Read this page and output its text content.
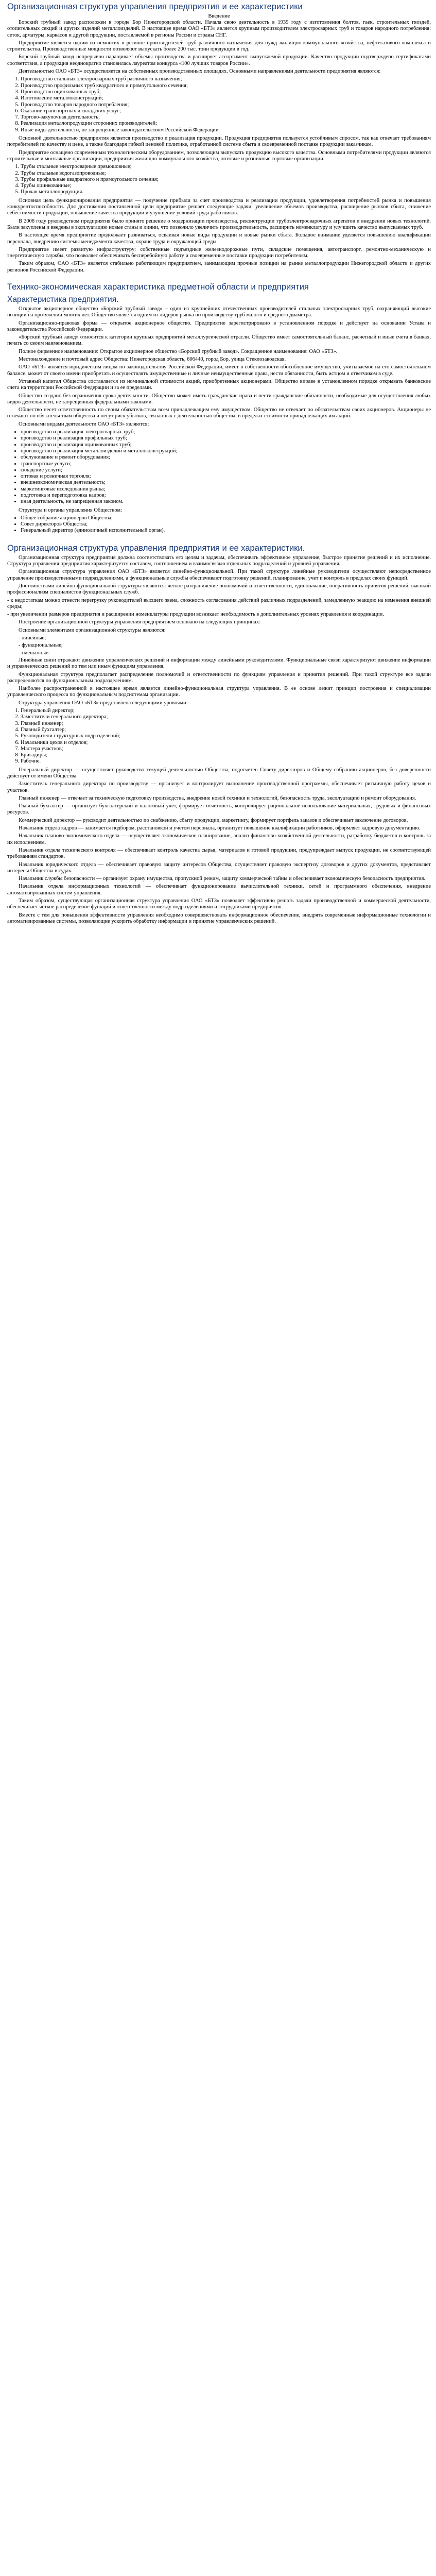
Организационная структура управления предприятия и ее характеристики
Введение

Борский трубный завод расположен в городе Бор Нижегородской области. Начала свою деятельность в 1939 году с изготовления болтов, гаек, строительных гвоздей, отопительных секций и других изделий металлоизделий. В настоящее время ОАО «БТЗ» является крупным производителем электросварных труб и товаров народного потребления: сеток, арматуры, каркасов и другой продукции, поставляемой в регионы России и страны СНГ.

Предприятие является одним из немногих в регионе производителей труб различного назначения для нужд жилищно-коммунального хозяйства, нефтегазового комплекса и строительства. Производственные мощности позволяют выпускать более 200 тыс. тонн продукции в год.

Борский трубный завод непрерывно наращивает объемы производства и расширяет ассортимент выпускаемой продукции. Качество продукции подтверждено сертификатами соответствия, а продукция неоднократно становилась лауреатом конкурса «100 лучших товаров России».

Деятельностью ОАО «БТЗ» осуществляется на собственных производственных площадях. Основными направлениями деятельности предприятия являются:

1. Производство стальных электросварных труб различного назначения;
2. Производство профильных труб квадратного и прямоугольного сечения;
3. Производство оцинкованных труб;
4. Изготовление металлоконструкций;
5. Производство товаров народного потребления;
6. Оказание транспортных и складских услуг;
7. Торгово-закупочная деятельность;
8. Реализация металлопродукции сторонних производителей;
9. Иные виды деятельности, не запрещенные законодательством Российской Федерации.

Основной деятельностью предприятия является производство и реализация продукции. Продукция предприятия пользуется устойчивым спросом, так как отвечает требованиям потребителей по качеству и цене, а также благодаря гибкой ценовой политике, отработанной системе сбыта и своевременной поставке продукции заказчикам.

Предприятие оснащено современным технологическим оборудованием, позволяющим выпускать продукцию высокого качества. Основными потребителями продукции являются строительные и монтажные организации, предприятия жилищно-коммунального хозяйства, оптовые и розничные торговые организации.

1. Трубы стальные электросварные прямошовные;
2. Трубы стальные водогазопроводные;
3. Трубы профильные квадратного и прямоугольного сечения;
4. Трубы оцинкованные;
5. Прочая металлопродукция.

Основная цель функционирования предприятия — получение прибыли за счет производства и реализации продукции, удовлетворения потребностей рынка и повышения конкурентоспособности. Для достижения поставленной цели предприятие решает следующие задачи: увеличение объемов производства, расширение рынков сбыта, снижение себестоимости продукции, повышение качества продукции и улучшение условий труда работников.

В 2008 году руководством предприятия было принято решение о модернизации производства, реконструкции трубоэлектросварочных агрегатов и внедрении новых технологий. Были закуплены и введены в эксплуатацию новые станы и линии, что позволило увеличить производительность, расширить номенклатуру и улучшить качество выпускаемых труб.

В настоящее время предприятие продолжает развиваться, осваивая новые виды продукции и новые рынки сбыта. Большое внимание уделяется повышению квалификации персонала, внедрению системы менеджмента качества, охране труда и окружающей среды.

Предприятие имеет развитую инфраструктуру: собственные подъездные железнодорожные пути, складские помещения, автотранспорт, ремонтно-механическую и энергетическую службы, что позволяет обеспечивать бесперебойную работу и своевременные поставки продукции потребителям.

Таким образом, ОАО «БТЗ» является стабильно работающим предприятием, занимающим прочные позиции на рынке металлопродукции Нижегородской области и других регионов Российской Федерации.

Технико-экономическая характеристика предметной области и предприятия
Характеристика предприятия.

Открытое акционерное общество «Борский трубный завод» – один из крупнейших отечественных производителей стальных электросварных труб, сохраняющий высокие позиции на протяжении многих лет. Общество является одним из лидеров рынка по производству труб малого и среднего диаметра.

Организационно-правовая форма — открытое акционерное общество. Предприятие зарегистрировано в установленном порядке и действует на основании Устава и законодательства Российской Федерации.

«Борский трубный завод» относится к категории крупных предприятий металлургической отрасли. Общество имеет самостоятельный баланс, расчетный и иные счета в банках, печать со своим наименованием.

Полное фирменное наименование: Открытое акционерное общество «Борский трубный завод». Сокращенное наименование: ОАО «БТЗ».

Местонахождение и почтовый адрес Общества: Нижегородская область, 606440, город Бор, улица Стеклозаводская.

ОАО «БТЗ» является юридическим лицом по законодательству Российской Федерации, имеет в собственности обособленное имущество, учитываемое на его самостоятельном балансе, может от своего имени приобретать и осуществлять имущественные и личные неимущественные права, нести обязанности, быть истцом и ответчиком в суде.

Уставный капитал Общества составляется из номинальной стоимости акций, приобретенных акционерами. Общество вправе в установленном порядке открывать банковские счета на территории Российской Федерации и за ее пределами.

Общество создано без ограничения срока деятельности. Общество может иметь гражданские права и нести гражданские обязанности, необходимые для осуществления любых видов деятельности, не запрещенных федеральными законами.

Общество несет ответственность по своим обязательствам всем принадлежащим ему имуществом. Общество не отвечает по обязательствам своих акционеров. Акционеры не отвечают по обязательствам общества и несут риск убытков, связанных с деятельностью общества, в пределах стоимости принадлежащих им акций.

Основными видами деятельности ОАО «БТЗ» являются:

• производство и реализация электросварных труб;
• производство и реализация профильных труб;
• производство и реализация оцинкованных труб;
• производство и реализация металлоизделий и металлоконструкций;
• обслуживание и ремонт оборудования;
• транспортные услуги;
• складские услуги;
• оптовая и розничная торговля;
• внешнеэкономическая деятельность;
• маркетинговые исследования рынка;
• подготовка и переподготовка кадров;
• иная деятельность, не запрещенная законом.

Структура и органы управления Обществом:

• Общее собрание акционеров Общества;
• Совет директоров Общества;
• Генеральный директор (единоличный исполнительный орган).
Организационная структура управления предприятия и ее характеристики.

Организационная структура предприятия должна соответствовать его целям и задачам, обеспечивать эффективное управление, быстрое принятие решений и их исполнение. Структура управления предприятия характеризуется составом, соотношением и взаимосвязью отдельных подразделений и уровней управления.

Организационная структура управления ОАО «БТЗ» является линейно-функциональной. При такой структуре линейные руководители осуществляют непосредственное управление производственными подразделениями, а функциональные службы обеспечивают подготовку решений, планирование, учет и контроль в пределах своих функций.

Достоинствами линейно-функциональной структуры являются: четкое разграничение полномочий и ответственности, единоначалие, оперативность принятия решений, высокий профессионализм специалистов функциональных служб.

- к недостаткам можно отнести перегрузку руководителей высшего звена, сложность согласования действий различных подразделений, замедленную реакцию на изменения внешней среды;

- при увеличении размеров предприятия и расширении номенклатуры продукции возникает необходимость в дополнительных уровнях управления и координации.

Построение организационной структуры управления предприятием основано на следующих принципах:

Основными элементами организационной структуры являются:

- линейные;
- функциональные;
- смешанные.

Линейные связи отражают движение управленческих решений и информации между линейными руководителями. Функциональные связи характеризуют движение информации и управленческих решений по тем или иным функциям управления.

Функциональная структура предполагает распределение полномочий и ответственности по функциям управления и принятия решений. При такой структуре все задачи распределяются по функциональным подразделениям.

Наиболее распространенной в настоящее время является линейно-функциональная структура управления. В ее основе лежит принцип построения и специализации управленческого процесса по функциональным подсистемам организации.

Структура управления ОАО «БТЗ» представлена следующими уровнями:

1. Генеральный директор;
2. Заместители генерального директора;
3. Главный инженер;
4. Главный бухгалтер;
5. Руководители структурных подразделений;
6. Начальники цехов и отделов;
7. Мастера участков;
8. Бригадиры;
9. Рабочие.

Генеральный директор — осуществляет руководство текущей деятельностью Общества, подотчетен Совету директоров и Общему собранию акционеров, без доверенности действует от имени Общества.

Заместитель генерального директора по производству — организует и контролирует выполнение производственной программы, обеспечивает ритмичную работу цехов и участков.

Главный инженер — отвечает за техническую подготовку производства, внедрение новой техники и технологий, безопасность труда, эксплуатацию и ремонт оборудования.

Главный бухгалтер — организует бухгалтерский и налоговый учет, формирует отчетность, контролирует рациональное использование материальных, трудовых и финансовых ресурсов.

Коммерческий директор — руководит деятельностью по снабжению, сбыту продукции, маркетингу, формирует портфель заказов и обеспечивает заключение договоров.

Начальник отдела кадров — занимается подбором, расстановкой и учетом персонала, организует повышение квалификации работников, оформляет кадровую документацию.

Начальник планово-экономического отдела — осуществляет экономическое планирование, анализ финансово-хозяйственной деятельности, разработку бюджетов и контроль за их исполнением.

Начальник отдела технического контроля — обеспечивает контроль качества сырья, материалов и готовой продукции, предупреждает выпуск продукции, не соответствующей требованиям стандартов.

Начальник юридического отдела — обеспечивает правовую защиту интересов Общества, осуществляет правовую экспертизу договоров и других документов, представляет интересы Общества в судах.

Начальник службы безопасности — организует охрану имущества, пропускной режим, защиту коммерческой тайны и обеспечивает экономическую безопасность предприятия.

Начальник отдела информационных технологий — обеспечивает функционирование вычислительной техники, сетей и программного обеспечения, внедрение автоматизированных систем управления.

Таким образом, существующая организационная структура управления ОАО «БТЗ» позволяет эффективно решать задачи производственной и коммерческой деятельности, обеспечивает четкое распределение функций и ответственности между подразделениями и сотрудниками предприятия.

Вместе с тем для повышения эффективности управления необходимо совершенствовать информационное обеспечение, внедрять современные информационные технологии и автоматизированные системы, позволяющие ускорить обработку информации и принятие управленческих решений.
